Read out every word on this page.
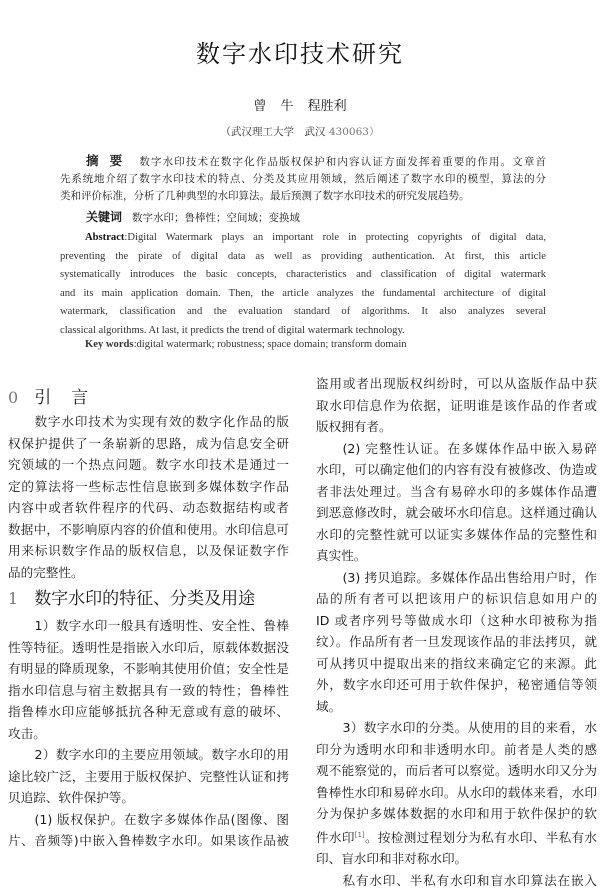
数字水印技术研究
曾 牛 程胜利
（武汉理工大学　武汉 430063）
摘要 数字水印技术在数字化作品版权保护和内容认证方面发挥着重要的作用。文章首
先系统地介绍了数字水印技术的特点、分类及其应用领域，然后阐述了数字水印的模型，算法的分
类和评价标准，分析了几种典型的水印算法。最后预测了数字水印技术的研究发展趋势。
关键词 数字水印；鲁棒性；空间域；变换域
Abstract:Digital Watermark plays an important role in protecting copyrights of digital data,
preventing the pirate of digital data as well as providing authentication. At first, this article
systematically introduces the basic concepts, characteristics and classification of digital watermark
and its main application domain. Then, the article analyzes the fundamental architecture of digital
watermark, classification and the evaluation standard of algorithms. It also analyzes several
classical algorithms. At last, it predicts the trend of digital watermark technology.
Key words:digital watermark; robustness; space domain; transform domain
0 引言
数字水印技术为实现有效的数字化作品的版
权保护提供了一条崭新的思路，成为信息安全研
究领域的一个热点问题。数字水印技术是通过一
定的算法将一些标志性信息嵌到多媒体数字作品
内容中或者软件程序的代码、动态数据结构或者
数据中，不影响原内容的价值和使用。水印信息可
用来标识数字作品的版权信息，以及保证数字作
品的完整性。
1 数字水印的特征、分类及用途
1）数字水印一般具有透明性、安全性、鲁棒
性等特征。透明性是指嵌入水印后，原载体数据没
有明显的降质现象，不影响其使用价值；安全性是
指水印信息与宿主数据具有一致的特性；鲁棒性
指鲁棒水印应能够抵抗各种无意或有意的破坏、
攻击。
2）数字水印的主要应用领域。数字水印的用
途比较广泛，主要用于版权保护、完整性认证和拷
贝追踪、软件保护等。
(1) 版权保护。在数字多媒体作品(图像、图
片、音频等)中嵌入鲁棒数字水印。如果该作品被
盗用或者出现版权纠纷时，可以从盗版作品中获
取水印信息作为依据，证明谁是该作品的作者或
版权拥有者。
(2) 完整性认证。在多媒体作品中嵌入易碎
水印，可以确定他们的内容有没有被修改、伪造或
者非法处理过。当含有易碎水印的多媒体作品遭
到恶意修改时，就会破坏水印信息。这样通过确认
水印的完整性就可以证实多媒体作品的完整性和
真实性。
(3) 拷贝追踪。多媒体作品出售给用户时，作
品的所有者可以把该用户的标识信息如用户的
ID 或者序列号等做成水印（这种水印被称为指
纹）。作品所有者一旦发现该作品的非法拷贝，就
可从拷贝中提取出来的指纹来确定它的来源。此
外，数字水印还可用于软件保护，秘密通信等领
域。
3）数字水印的分类。从使用的目的来看，水
印分为透明水印和非透明水印。前者是人类的感
观不能察觉的，而后者可以察觉。透明水印又分为
鲁棒性水印和易碎水印。从水印的载体来看，水印
分为保护多媒体数据的水印和用于软件保护的软
件水印[1]。按检测过程划分为私有水印、半私有水
印、盲水印和非对称水印。
私有水印、半私有水印和盲水印算法在嵌入
